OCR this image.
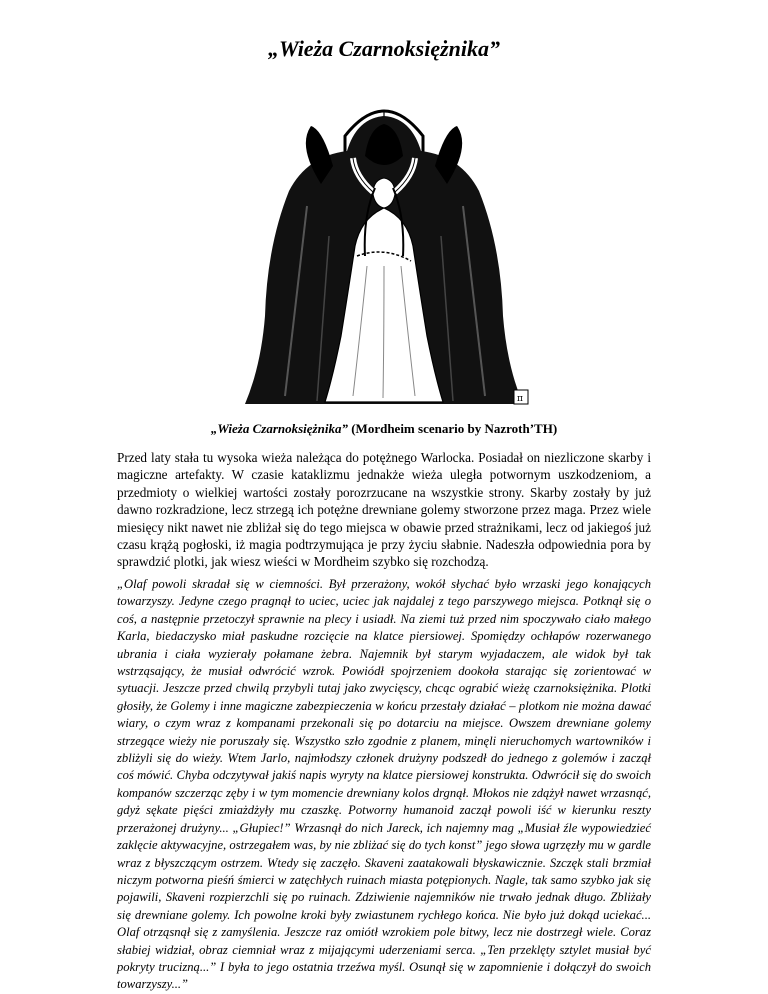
„Wieża Czarnoksiężnika”
π

„Wieża Czarnoksiężnika” (Mordheim scenario by Nazroth’TH)

Przed laty stała tu wysoka wieża należąca do potężnego Warlocka. Posiadał on niezliczone skarby i magiczne artefakty. W czasie kataklizmu jednakże wieża uległa potwornym uszkodzeniom, a przedmioty o wielkiej wartości zostały porozrzucane na wszystkie strony. Skarby zostały by już dawno rozkradzione, lecz strzegą ich potężne drewniane golemy stworzone przez maga. Przez wiele miesięcy nikt nawet nie zbliżał się do tego miejsca w obawie przed strażnikami, lecz od jakiegoś już czasu krążą pogłoski, iż magia podtrzymująca je przy życiu słabnie. Nadeszła odpowiednia pora by sprawdzić plotki, jak wiesz wieści w Mordheim szybko się rozchodzą.

„Olaf powoli skradał się w ciemności. Był przerażony, wokół słychać było wrzaski jego konających towarzyszy. Jedyne czego pragnął to uciec, uciec jak najdalej z tego parszywego miejsca. Potknął się o coś, a następnie przetoczył sprawnie na plecy i usiadł. Na ziemi tuż przed nim spoczywało ciało małego Karla, biedaczysko miał paskudne rozcięcie na klatce piersiowej. Spomiędzy ochłapów rozerwanego ubrania i ciała wyzierały połamane żebra. Najemnik był starym wyjadaczem, ale widok był tak wstrząsający, że musiał odwrócić wzrok. Powiódł spojrzeniem dookoła starając się zorientować w sytuacji. Jeszcze przed chwilą przybyli tutaj jako zwycięscy, chcąc ograbić wieżę czarnoksiężnika. Plotki głosiły, że Golemy i inne magiczne zabezpieczenia w końcu przestały działać – plotkom nie można dawać wiary, o czym wraz z kompanami przekonali się po dotarciu na miejsce. Owszem drewniane golemy strzegące wieży nie poruszały się. Wszystko szło zgodnie z planem, minęli nieruchomych wartowników i zbliżyli się do wieży. Wtem Jarlo, najmłodszy członek drużyny podszedł do jednego z golemów i zaczął coś mówić. Chyba odczytywał jakiś napis wyryty na klatce piersiowej konstrukta. Odwrócił się do swoich kompanów szczerząc zęby i w tym momencie drewniany kolos drgnął. Młokos nie zdążył nawet wrzasnąć, gdyż sękate pięści zmiażdżyły mu czaszkę. Potworny humanoid zaczął powoli iść w kierunku reszty przerażonej drużyny... „Głupiec!” Wrzasnął do nich Jareck, ich najemny mag „Musiał źle wypowiedzieć zaklęcie aktywacyjne, ostrzegałem was, by nie zbliżać się do tych konst” jego słowa ugrzęzły mu w gardle wraz z błyszczącym ostrzem. Wtedy się zaczęło. Skaveni zaatakowali błyskawicznie. Szczęk stali brzmiał niczym potworna pieśń śmierci w zatęchłych ruinach miasta potępionych. Nagle, tak samo szybko jak się pojawili, Skaveni rozpierzchli się po ruinach. Zdziwienie najemników nie trwało jednak długo. Zbliżały się drewniane golemy. Ich powolne kroki były zwiastunem rychłego końca. Nie było już dokąd uciekać... Olaf otrząsnął się z zamyślenia. Jeszcze raz omiótł wzrokiem pole bitwy, lecz nie dostrzegł wiele. Coraz słabiej widział, obraz ciemniał wraz z mijającymi uderzeniami serca. „Ten przeklęty sztylet musiał być pokryty trucizną...” I była to jego ostatnia trzeźwa myśl. Osunął się w zapomnienie i dołączył do swoich towarzyszy...”
